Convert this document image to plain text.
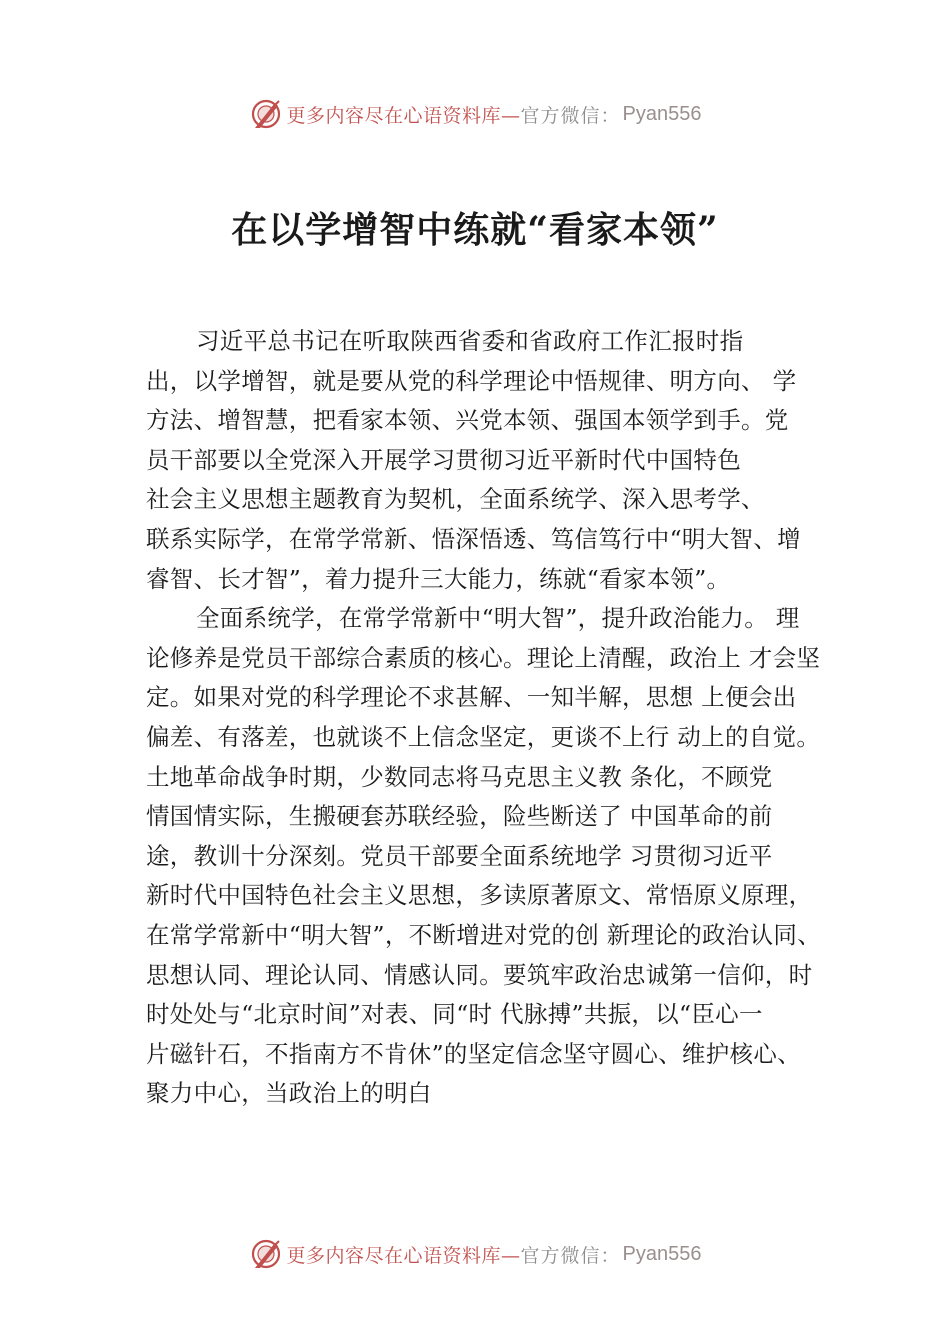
更多内容尽在心语资料库— 官方微信： Pyan556
在以学增智中练就“看家本领”
习近平总书记在听取陕西省委和省政府工作汇报时指
出，以学增智，就是要从党的科学理论中悟规律、明方向、 学
方法、增智慧，把看家本领、兴党本领、强国本领学到手。党
员干部要以全党深入开展学习贯彻习近平新时代中国特色
社会主义思想主题教育为契机，全面系统学、深入思考学、
联系实际学，在常学常新、悟深悟透、笃信笃行中“明大智、增
睿智、长才智”，着力提升三大能力，练就“看家本领”。
全面系统学，在常学常新中“明大智”，提升政治能力。 理
论修养是党员干部综合素质的核心。理论上清醒，政治上 才会坚
定。如果对党的科学理论不求甚解、一知半解，思想 上便会出
偏差、有落差，也就谈不上信念坚定，更谈不上行 动上的自觉。
土地革命战争时期，少数同志将马克思主义教 条化，不顾党
情国情实际，生搬硬套苏联经验，险些断送了 中国革命的前
途，教训十分深刻。党员干部要全面系统地学 习贯彻习近平
新时代中国特色社会主义思想，多读原著原文、常悟原义原理，
在常学常新中“明大智”，不断增进对党的创 新理论的政治认同、
思想认同、理论认同、情感认同。要筑牢政治忠诚第一信仰，时
时处处与“北京时间”对表、同“时 代脉搏”共振，以“臣心一
片磁针石，不指南方不肯休”的坚定信念坚守圆心、维护核心、
聚力中心，当政治上的明白
更多内容尽在心语资料库— 官方微信： Pyan556
